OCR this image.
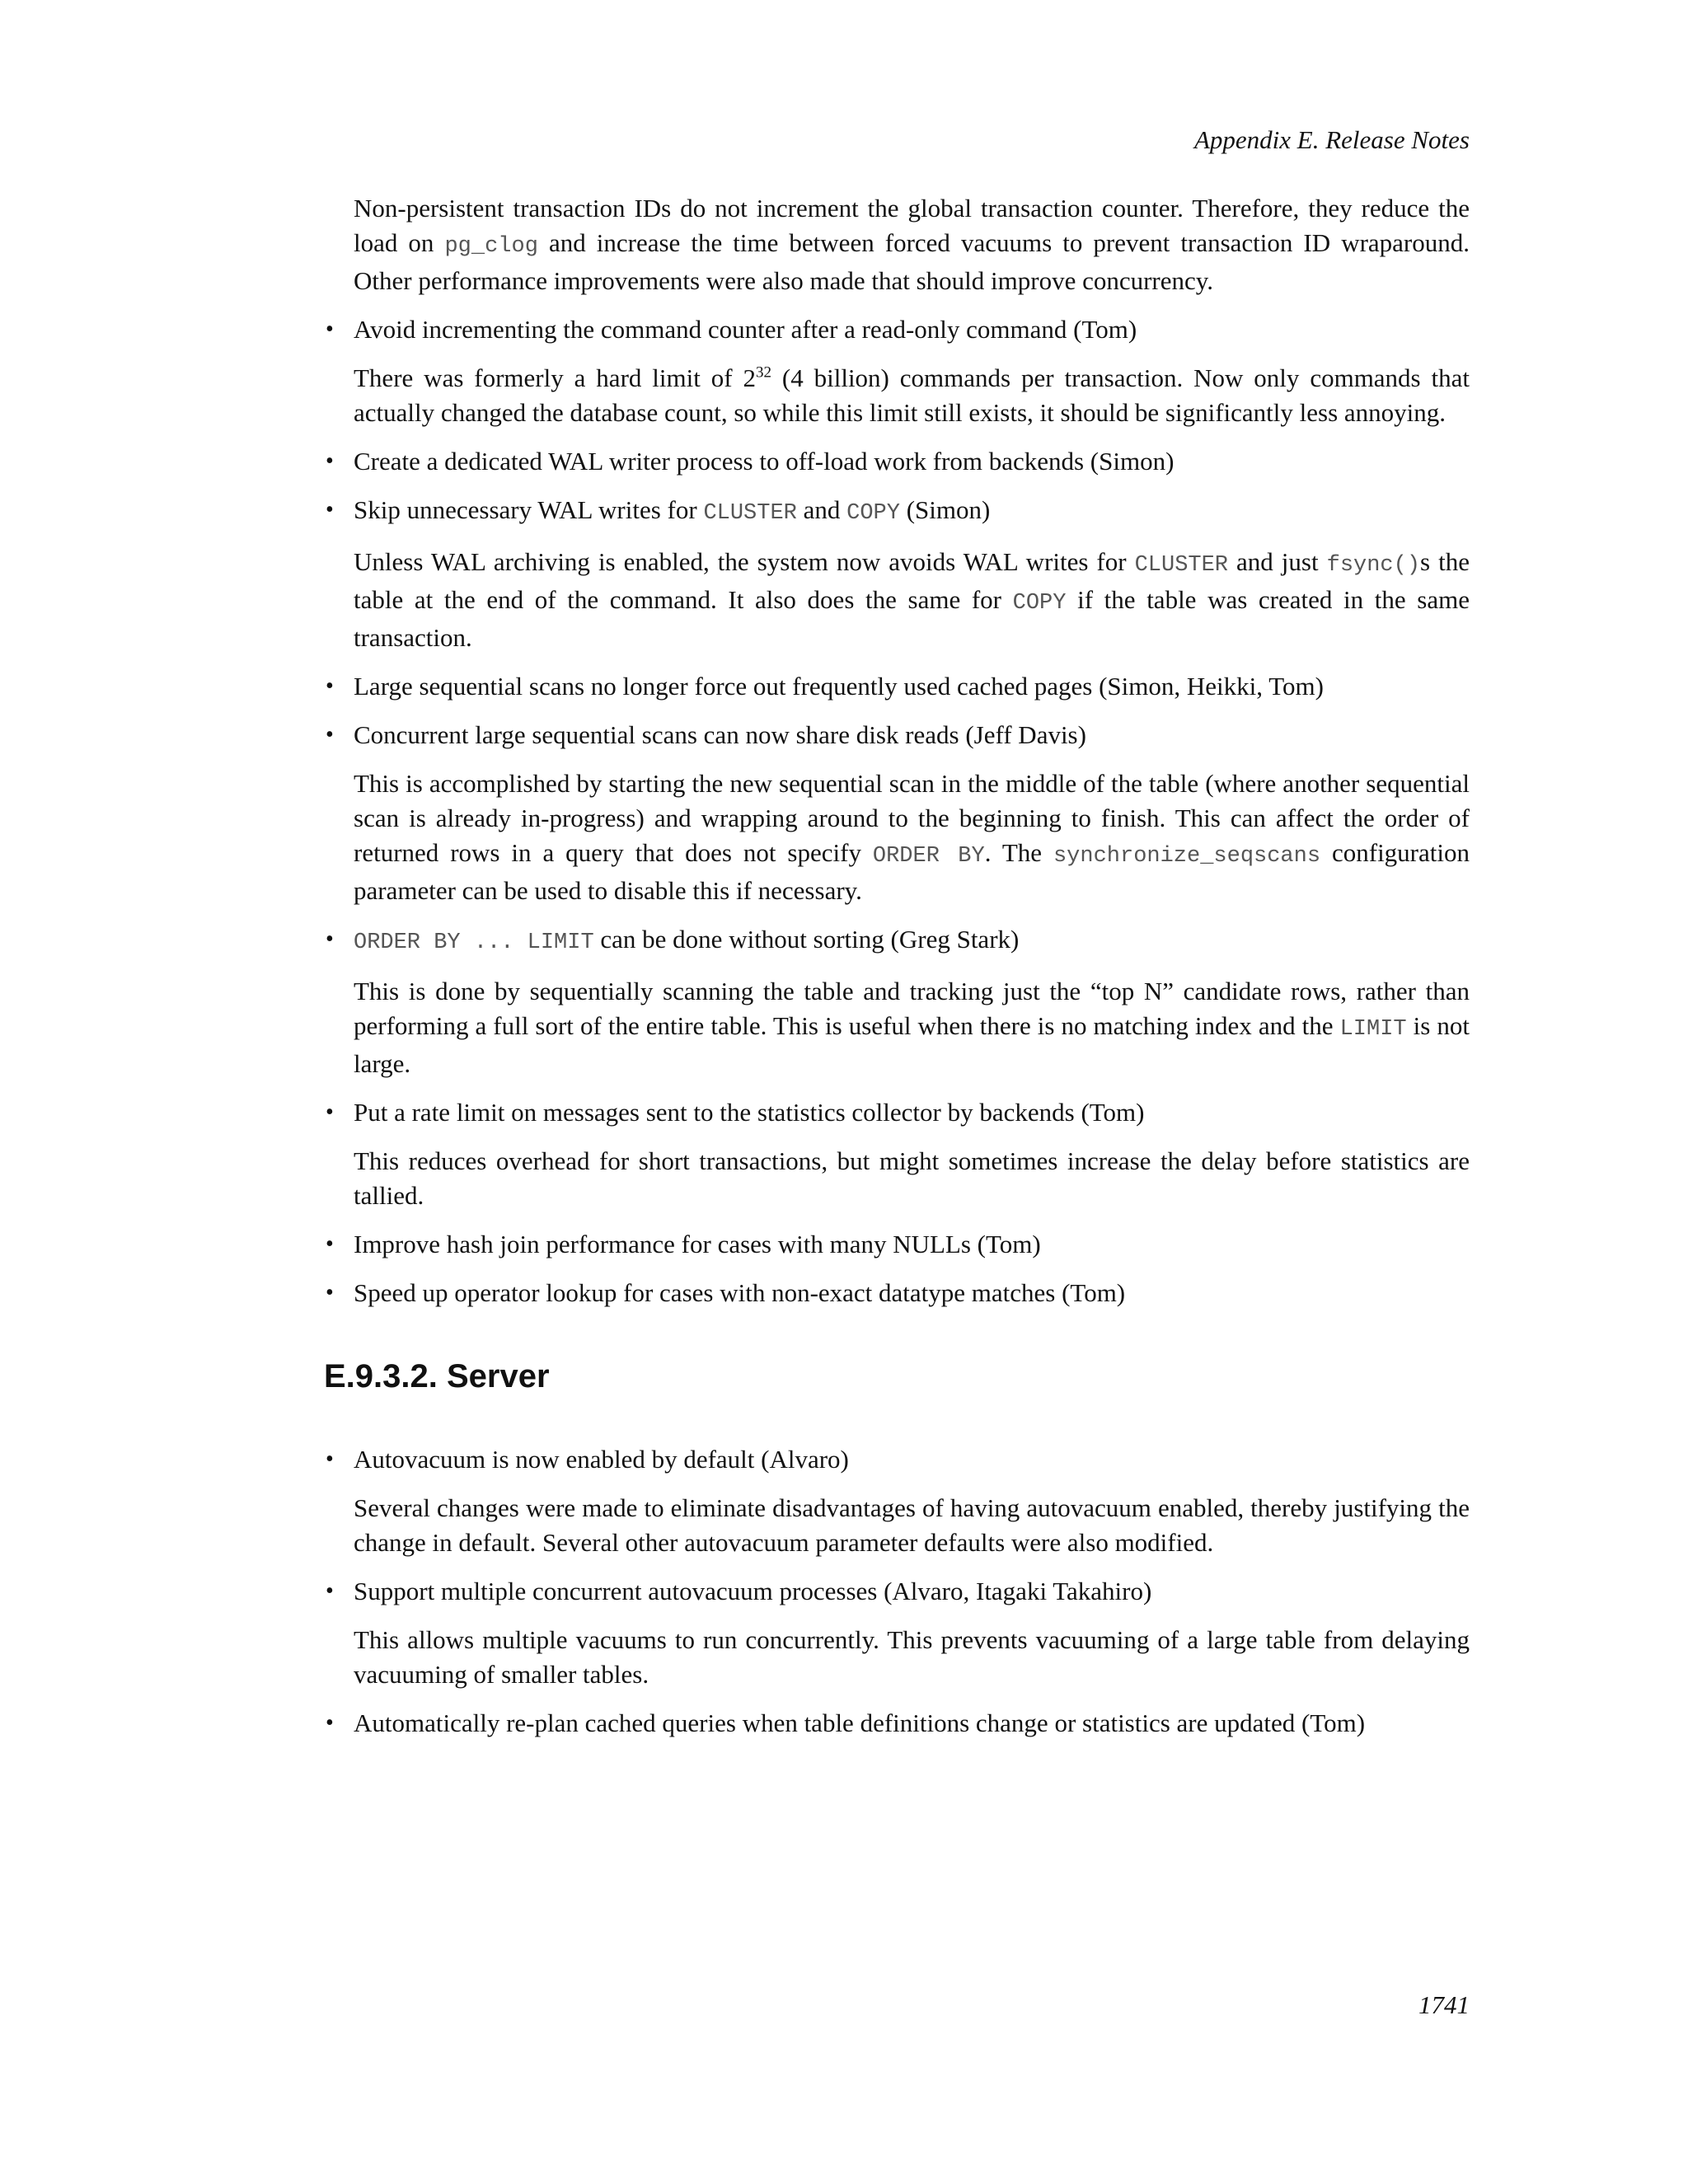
Appendix E. Release Notes

Non-persistent transaction IDs do not increment the global transaction counter. Therefore, they reduce the load on pg_clog and increase the time between forced vacuums to prevent transaction ID wraparound. Other performance improvements were also made that should improve concurrency.

• Avoid incrementing the command counter after a read-only command (Tom)

There was formerly a hard limit of $2^{32}$ (4 billion) commands per transaction. Now only commands that actually changed the database count, so while this limit still exists, it should be significantly less annoying.

• Create a dedicated WAL writer process to off-load work from backends (Simon)
• Skip unnecessary WAL writes for CLUSTER and COPY (Simon)

Unless WAL archiving is enabled, the system now avoids WAL writes for CLUSTER and just fsync()s the table at the end of the command. It also does the same for COPY if the table was created in the same transaction.

• Large sequential scans no longer force out frequently used cached pages (Simon, Heikki, Tom)
• Concurrent large sequential scans can now share disk reads (Jeff Davis)

This is accomplished by starting the new sequential scan in the middle of the table (where another sequential scan is already in-progress) and wrapping around to the beginning to finish. This can affect the order of returned rows in a query that does not specify ORDER BY. The synchronize_seqscans configuration parameter can be used to disable this if necessary.

• ORDER BY ... LIMIT can be done without sorting (Greg Stark)

This is done by sequentially scanning the table and tracking just the “top N” candidate rows, rather than performing a full sort of the entire table. This is useful when there is no matching index and the LIMIT is not large.

• Put a rate limit on messages sent to the statistics collector by backends (Tom)

This reduces overhead for short transactions, but might sometimes increase the delay before statistics are tallied.

• Improve hash join performance for cases with many NULLs (Tom)
• Speed up operator lookup for cases with non-exact datatype matches (Tom)
E.9.3.2. Server
• Autovacuum is now enabled by default (Alvaro)

Several changes were made to eliminate disadvantages of having autovacuum enabled, thereby justifying the change in default. Several other autovacuum parameter defaults were also modified.

• Support multiple concurrent autovacuum processes (Alvaro, Itagaki Takahiro)

This allows multiple vacuums to run concurrently. This prevents vacuuming of a large table from delaying vacuuming of smaller tables.

• Automatically re-plan cached queries when table definitions change or statistics are updated (Tom)
1741
